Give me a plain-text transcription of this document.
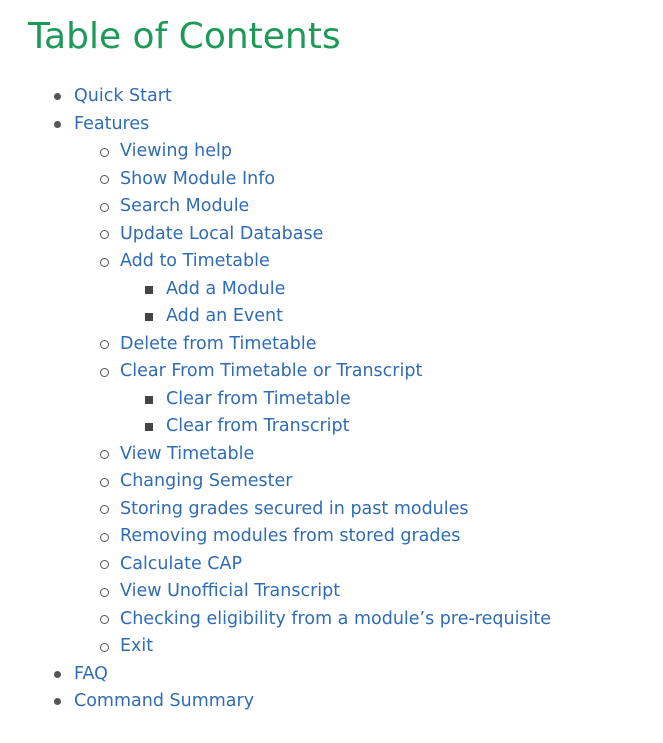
Table of Contents
Quick Start
Features
Viewing help
Show Module Info
Search Module
Update Local Database
Add to Timetable
Add a Module
Add an Event
Delete from Timetable
Clear From Timetable or Transcript
Clear from Timetable
Clear from Transcript
View Timetable
Changing Semester
Storing grades secured in past modules
Removing modules from stored grades
Calculate CAP
View Unofficial Transcript
Checking eligibility from a module’s pre-requisite
Exit
FAQ
Command Summary
